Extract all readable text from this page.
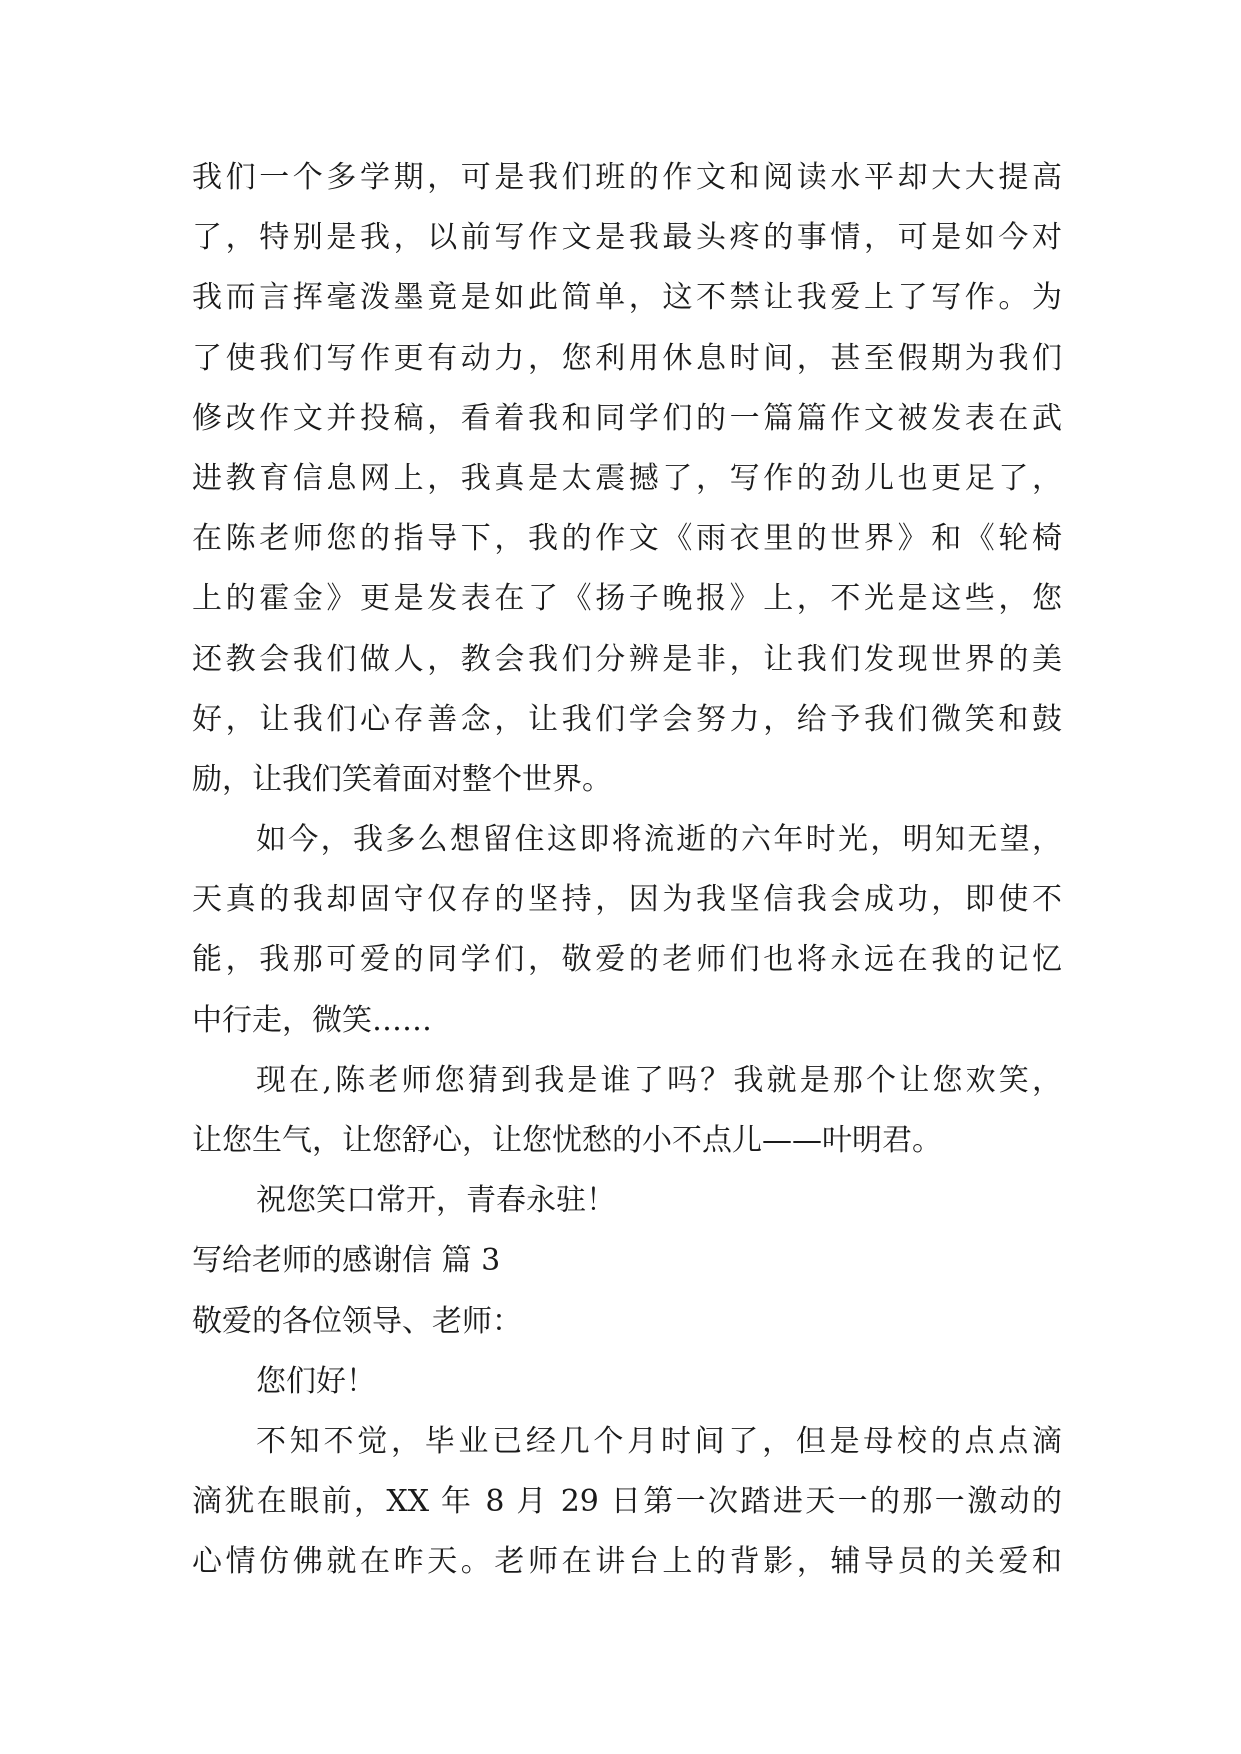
我们一个多学期，可是我们班的作文和阅读水平却大大提高
了，特别是我，以前写作文是我最头疼的事情，可是如今对
我而言挥毫泼墨竟是如此简单，这不禁让我爱上了写作。为
了使我们写作更有动力，您利用休息时间，甚至假期为我们
修改作文并投稿，看着我和同学们的一篇篇作文被发表在武
进教育信息网上，我真是太震撼了，写作的劲儿也更足了，
在陈老师您的指导下，我的作文《雨衣里的世界》和《轮椅
上的霍金》更是发表在了《扬子晚报》上，不光是这些，您
还教会我们做人，教会我们分辨是非，让我们发现世界的美
好，让我们心存善念，让我们学会努力，给予我们微笑和鼓
励，让我们笑着面对整个世界。
如今，我多么想留住这即将流逝的六年时光，明知无望，
天真的我却固守仅存的坚持，因为我坚信我会成功，即使不
能，我那可爱的同学们，敬爱的老师们也将永远在我的记忆
中行走，微笑……
现在,陈老师您猜到我是谁了吗？我就是那个让您欢笑，
让您生气，让您舒心，让您忧愁的小不点儿——叶明君。
祝您笑口常开，青春永驻！
写给老师的感谢信 篇 3
敬爱的各位领导、老师：
您们好！
不知不觉，毕业已经几个月时间了，但是母校的点点滴
滴犹在眼前，XX 年 8 月 29 日第一次踏进天一的那一激动的
心情仿佛就在昨天。老师在讲台上的背影，辅导员的关爱和
